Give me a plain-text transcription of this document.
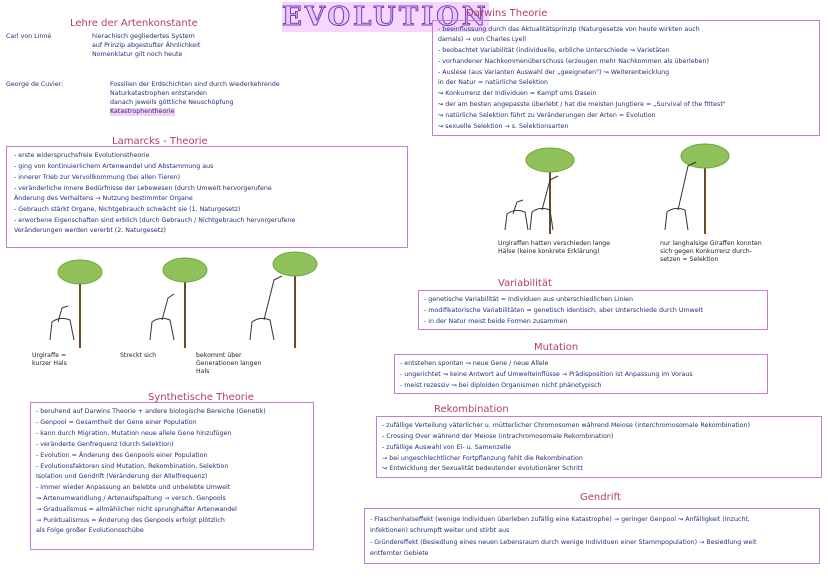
EVOLUTION
Lehre der Artenkonstante
Carl von Linné	hierachisch gegliedertes System
auf Prinzip abgestufter Ähnlichkeit
Nomenklatur gilt noch heute
George de Cuvier:	Fossilien der Erdschichten sind durch wiederkehrende
Naturkatastrophen entstanden
danach jeweils göttliche Neuschöpfung
Katastrophentheorie
Lamarcks - Theorie
- erste widerspruchsfreie Evolutionstheorie
- ging von kontinuierlichem Artenwandel und Abstammung aus
- innerer Trieb zur Vervollkommung (bei allen Tieren)
- veränderliche innere Bedürfnisse der Lebewesen (durch Umwelt hervorgerufene
Änderung des Verhaltens → Nutzung bestimmter Organe
- Gebrauch stärkt Organe, Nichtgebrauch schwächt sie (1. Naturgesetz)
- erworbene Eigenschaften sind erblich (durch Gebrauch / Nichtgebrauch hervorgerufene
Veränderungen werden vererbt (2. Naturgesetz)
Urgiraffe =
kurzer Hals
Streckt sich	bekommt über
Generationen langen
Hals
Synthetische Theorie
- beruhend auf Darwins Theorie + andere biologische Bereiche (Genetik)
- Genpool = Gesamtheit der Gene einer Population
- kann durch Migration, Mutation neue allele Gene hinzufügen
- veränderte Genfrequenz (durch Selektion)
- Evolution = Änderung des Genpools einer Population
- Evolutionsfaktoren sind Mutation, Rekombination, Selektion
Isolation und Gendrift (Veränderung der Allelfrequenz)
- immer wieder Anpassung an belebte und unbelebte Umwelt
↝ Artenumwandlung / Artenaufspaltung → versch. Genpools
→ Gradualismus = allmählicher nicht sprunghafter Artenwandel
→ Punktualismus = Änderung des Genpools erfolgt plötzlich
als Folge großer Evolutionsschübe
Darwins Theorie
- beeinflussung durch das Aktualitätsprinzip (Naturgesetze von heute wirkten auch
damals) → von Charles Lyell
- beobachtet Variabilität (individuelle, erbliche Unterschiede ↝ Varietäten
- vorhandener Nachkommenüberschuss (erzeugen mehr Nachkommen als überleben)
- Auslese (aus Varianten Auswahl der „geeigneten") ↝ Weiterentwicklung
in der Natur = natürliche Selektion
↝ Konkurrenz der Individuen = Kampf ums Dasein
↝ der am besten angepasste überlebt / hat die meisten Jungtiere = „Survival of the fittest"
↝ natürliche Selektion führt zu Veränderungen der Arten = Evolution
↝ sexuelle Selektion → s. Selektionsarten
Urgiraffen hatten verschieden lange
Hälse (keine konkrete Erklärung)
nur langhalsige Giraffen konnten
sich gegen Konkurrenz durch-
setzen = Selektion
Variabilität
- genetische Variabilität = Individuen aus unterschiedlichen Linien
- modifikatorische Variabilitäten = genetisch identisch, aber Unterschiede durch Umwelt
- in der Natur meist beide Formen zusammen
Mutation
- entstehen spontan ↝ neue Gene / neue Allele
- ungerichtet ↝ keine Antwort auf Umwelteinflüsse → Prädisposition ist Anpassung im Voraus
- meist rezessiv ↝ bei diploiden Organismen nicht phänotypisch
Rekombination
- zufällige Verteilung väterlicher u. mütterlicher Chromosomen während Meiose (interchromosomale Rekombination)
- Crossing Over während der Meiose (intrachromosomale Rekombination)
- zufällige Auswahl von Ei- u. Samenzelle
→ bei ungeschlechtlicher Fortpflanzung fehlt die Rekombination
↝ Entwicklung der Sexualität bedeutender evolutionärer Schritt
Gendrift
- Flaschenhalseffekt (wenige Individuen überleben zufällig eine Katastrophe) → geringer Genpool ↝ Anfälligkeit (Inzucht,
Infektionen) schrumpft weiter und stirbt aus
- Gründereffekt (Besiedlung eines neuen Lebensraum durch wenige Individuen einer Stammpopulation) → Besiedlung weit
entfernter Gebiete
